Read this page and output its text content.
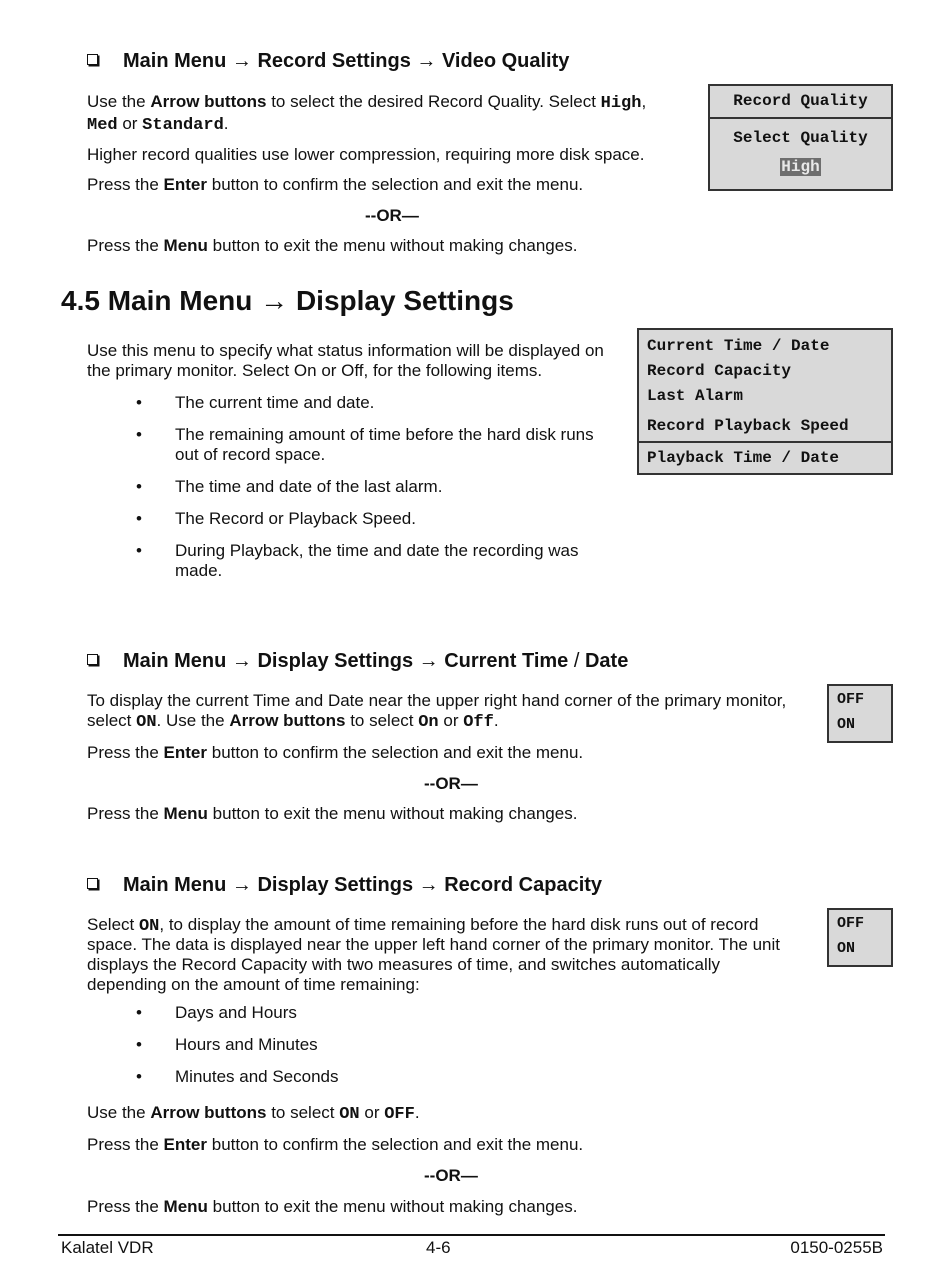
Main Menu → Record Settings → Video Quality
Use the Arrow buttons to select the desired Record Quality. Select High,
Med or Standard.
Higher record qualities use lower compression, requiring more disk space.
Press the Enter button to confirm the selection and exit the menu.
--OR—
Press the Menu button to exit the menu without making changes.
Record Quality
Select Quality
High
4.5 Main Menu → Display Settings
Use this menu to specify what status information will be displayed on
the primary monitor. Select On or Off, for the following items.
• The current time and date.
• The remaining amount of time before the hard disk runs
out of record space.
• The time and date of the last alarm.
• The Record or Playback Speed.
• During Playback, the time and date the recording was
made.
Current Time / Date
Record Capacity
Last Alarm
Record Playback Speed
Playback Time / Date
Main Menu → Display Settings → Current Time / Date
To display the current Time and Date near the upper right hand corner of the primary monitor,
select ON. Use the Arrow buttons to select On or Off.
Press the Enter button to confirm the selection and exit the menu.
--OR—
Press the Menu button to exit the menu without making changes.
OFF
ON
Main Menu → Display Settings → Record Capacity
Select ON, to display the amount of time remaining before the hard disk runs out of record
space. The data is displayed near the upper left hand corner of the primary monitor. The unit
displays the Record Capacity with two measures of time, and switches automatically
depending on the amount of time remaining:
• Days and Hours
• Hours and Minutes
• Minutes and Seconds
Use the Arrow buttons to select ON or OFF.
Press the Enter button to confirm the selection and exit the menu.
--OR—
Press the Menu button to exit the menu without making changes.
OFF
ON
Kalatel VDR	4-6	0150-0255B
